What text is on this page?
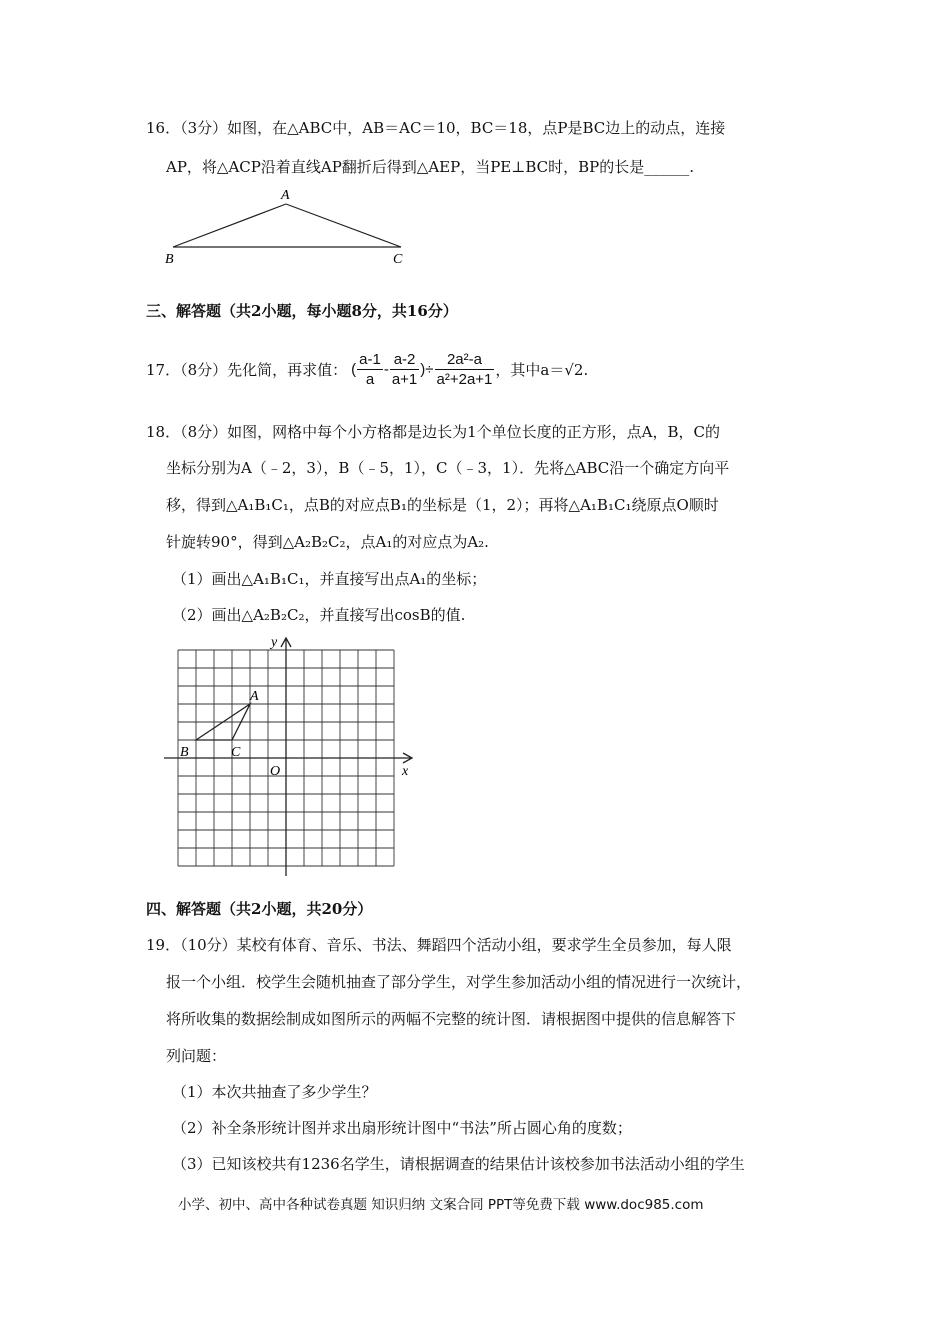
16．（3分）如图，在△ABC中，AB＝AC＝10，BC＝18，点P是BC边上的动点，连接
AP，将△ACP沿着直线AP翻折后得到△AEP，当PE⊥BC时，BP的长是______.
A
B	C
三、解答题（共2小题，每小题8分，共16分）
17．（8分）先化简，再求值： ( $\frac{a-1}{a} - \frac{a-2}{a+1}$ )÷ $\frac{\text{2a²-a}}{\text{a²+2a+1}}$ ，其中a＝√2.
18．（8分）如图，网格中每个小方格都是边长为1个单位长度的正方形，点A，B，C的
坐标分别为A（﹣2，3），B（﹣5，1），C（﹣3，1）．先将△ABC沿一个确定方向平
移，得到△A₁B₁C₁，点B的对应点B₁的坐标是（1，2）；再将△A₁B₁C₁绕原点O顺时
针旋转90°，得到△A₂B₂C₂，点A₁的对应点为A₂.
（1）画出△A₁B₁C₁，并直接写出点A₁的坐标；
（2）画出△A₂B₂C₂，并直接写出cosB的值.
y
x
O
A
B	C
四、解答题（共2小题，共20分）
19．（10分）某校有体育、音乐、书法、舞蹈四个活动小组，要求学生全员参加，每人限
报一个小组．校学生会随机抽查了部分学生，对学生参加活动小组的情况进行一次统计，
将所收集的数据绘制成如图所示的两幅不完整的统计图．请根据图中提供的信息解答下
列问题：
（1）本次共抽查了多少学生？
（2）补全条形统计图并求出扇形统计图中“书法”所占圆心角的度数；
（3）已知该校共有1236名学生，请根据调查的结果估计该校参加书法活动小组的学生
小学、初中、高中各种试卷真题 知识归纳 文案合同 PPT等免费下载 www.doc985.com
